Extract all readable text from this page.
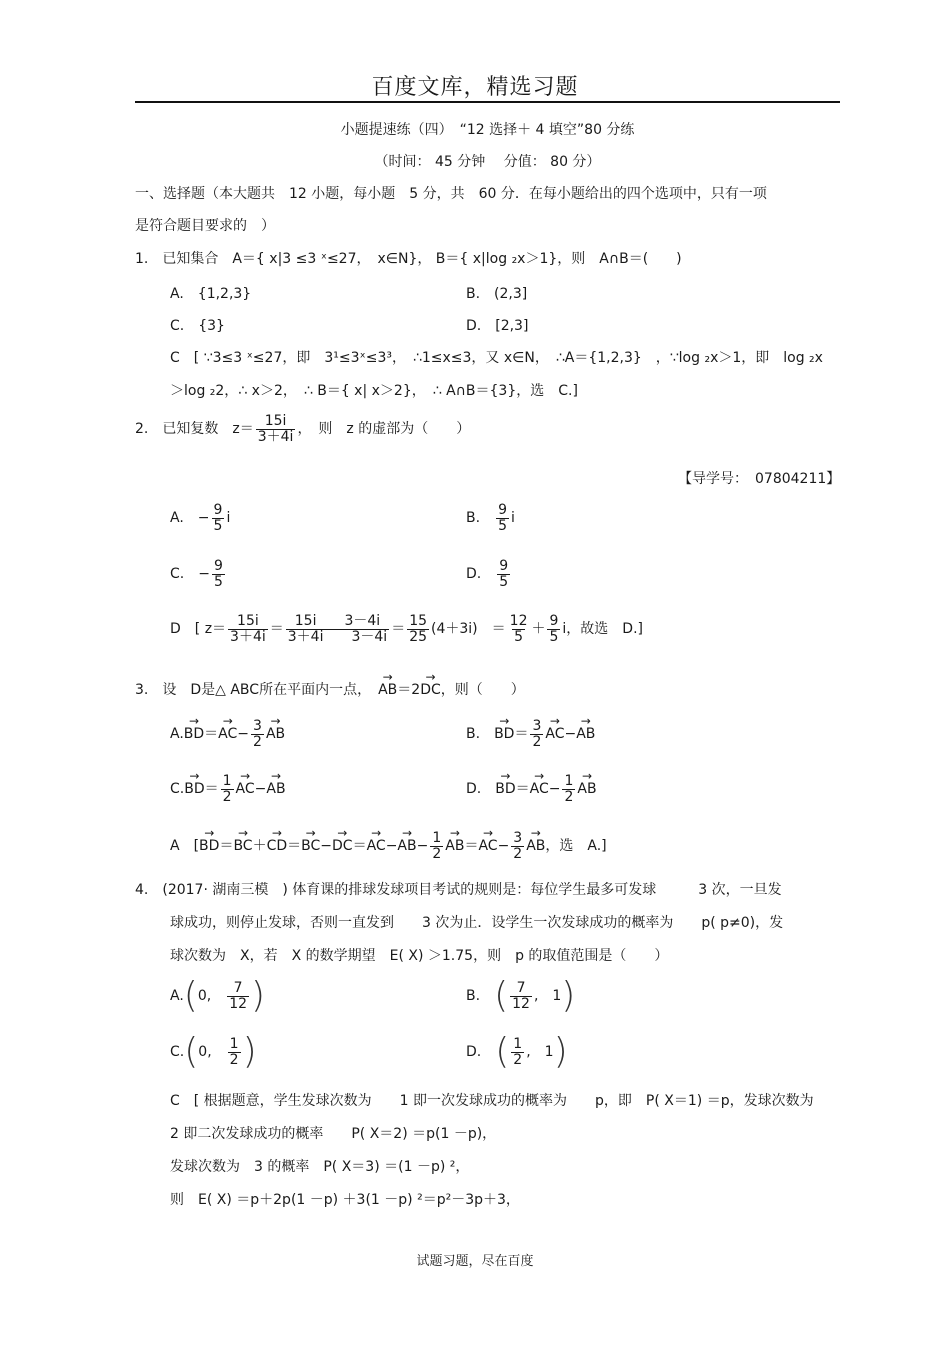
百度文库，精选习题
小题提速练（四）　“12 选择＋ 4 填空”80 分练
（时间： 45 分钟　 分值： 80 分）
一、选择题（本大题共　12 小题，每小题　5 分，共　60 分．在每小题给出的四个选项中，只有一项
是符合题目要求的　）
1.　已知集合　A＝{ x|3 ≤3 ˣ≤27，　x∈N}， B＝{ x|log ₂x＞1}，则　A∩B＝(　　)
A.　{1,2,3}	B.　(2,3]
C.　{3}	D.　[2,3]
C　[ ∵3≤3 ˣ≤27，即　3¹≤3ˣ≤3³，　∴1≤x≤3，又 x∈N，　∴A＝{1,2,3}　，∵log ₂x＞1，即　log ₂x
＞log ₂2，∴ x＞2，　∴ B＝{ x| x＞2}，　∴ A∩B＝{3}，选　C.]
2.　已知复数　$z= \frac{15i}{3+4i}$ ，　则　z 的虚部为（　　）
【导学号：　07804211】
A.　− $\frac{9}{5}$ i	B.　 $\frac{9}{5}$ i
C.　− $\frac{9}{5}$	D.　 $\frac{9}{5}$
D　[ $z= \frac{15i}{3+4i} = \frac{15i 3-4i}{3+4i 3-4i} = \frac{15}{25} (4+3i)$　＝ $\frac{12}{5} + \frac{9}{5}$ i，故选　D.]
3.　设　D是△ ABC所在平面内一点，　→ AB＝2→ DC，则（　　）
$A.\to BD=\to AC- \frac{3}{2}$
→ AB	B.　→ $BD= \frac{3}{2}$
→ AC−→ AB
$C.\to BD= \frac{1}{2}$
→ AC−→ AB	D.　→ $BD=\to AC- \frac{1}{2}$
→ AB
A　[→ $BD=\to BC+\to CD=\to BC-\to DC=\to AC-\to AB- \frac{1}{2}$
→ $AB=\to AC- \frac{3}{2}$
→ AB，选　A.]
4.　(2017· 湖南三模　) 体育课的排球发球项目考试的规则是：每位学生最多可发球　　　3 次，一旦发
球成功，则停止发球，否则一直发到　　3 次为止．设学生一次发球成功的概率为　　p( p≠0)，发
球次数为　X，若　X 的数学期望　E( X) ＞1.75，则　p 的取值范围是（　　）
A.(0,　 $\frac{7}{12}$ )	B.　 ( $\frac{7}{12}$ ,　1)
C.(0,　 $\frac{1}{2}$ )	D.　 ( $\frac{1}{2}$ ,　1)
C　[ 根据题意，学生发球次数为　　1 即一次发球成功的概率为　　p，即　P( X＝1) ＝p，发球次数为
2 即二次发球成功的概率　　P( X＝2) ＝p(1 －p)，
发球次数为　3 的概率　P( X＝3) ＝(1 －p) ²，
则　E( X) ＝p＋2p(1 －p) ＋3(1 －p) ²＝p²－3p＋3，
试题习题，尽在百度
